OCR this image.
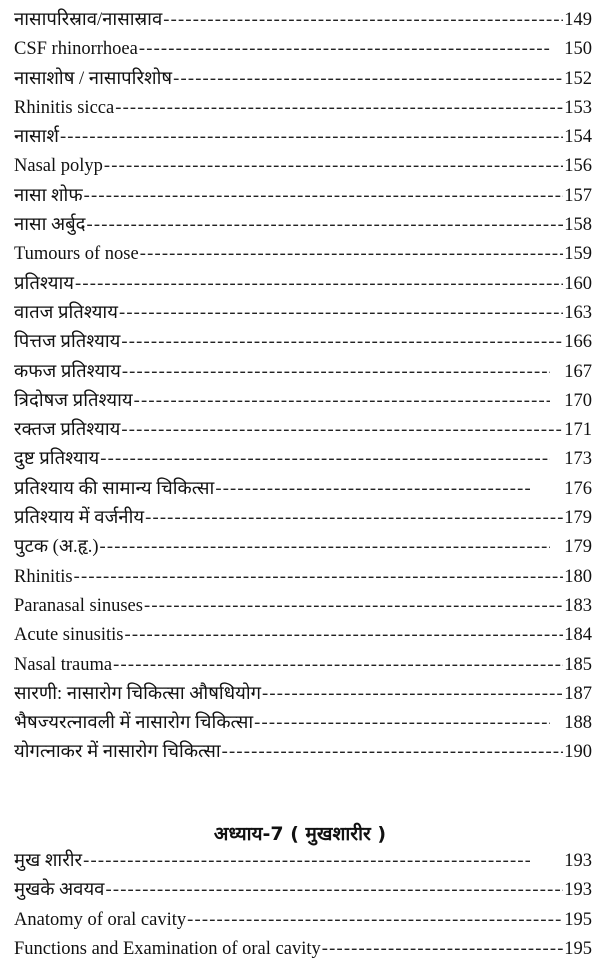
नासापरिस्राव/नासास्राव -----	149
CSF rhinorrhoea -----	150
नासाशोष / नासापरिशोष -----	152
Rhinitis sicca -----	153
नासार्श -----	154
Nasal polyp -----	156
नासा शोफ -----	157
नासा अर्बुद -----	158
Tumours of nose -----	159
प्रतिश्याय -----	160
वातज प्रतिश्याय -----	163
पित्तज प्रतिश्याय -----	166
कफज प्रतिश्याय -----	167
त्रिदोषज प्रतिश्याय -----	170
रक्तज प्रतिश्याय -----	171
दुष्ट प्रतिश्याय -----	173
प्रतिश्याय की सामान्य चिकित्सा -----	176
प्रतिश्याय में वर्जनीय -----	179
पुटक (अ.हृ.) -----	179
Rhinitis -----	180
Paranasal sinuses -----	183
Acute sinusitis -----	184
Nasal trauma -----	185
सारणी: नासारोग चिकित्सा औषधियोग -----	187
भैषज्यरत्नावली में नासारोग चिकित्सा -----	188
योगत्नाकर में नासारोग चिकित्सा -----	190
अध्याय-7 ( मुखशारीर )
मुख शारीर -----	193
मुखके अवयव -----	193
Anatomy of oral cavity -----	195
Functions and Examination of oral cavity -----	195
